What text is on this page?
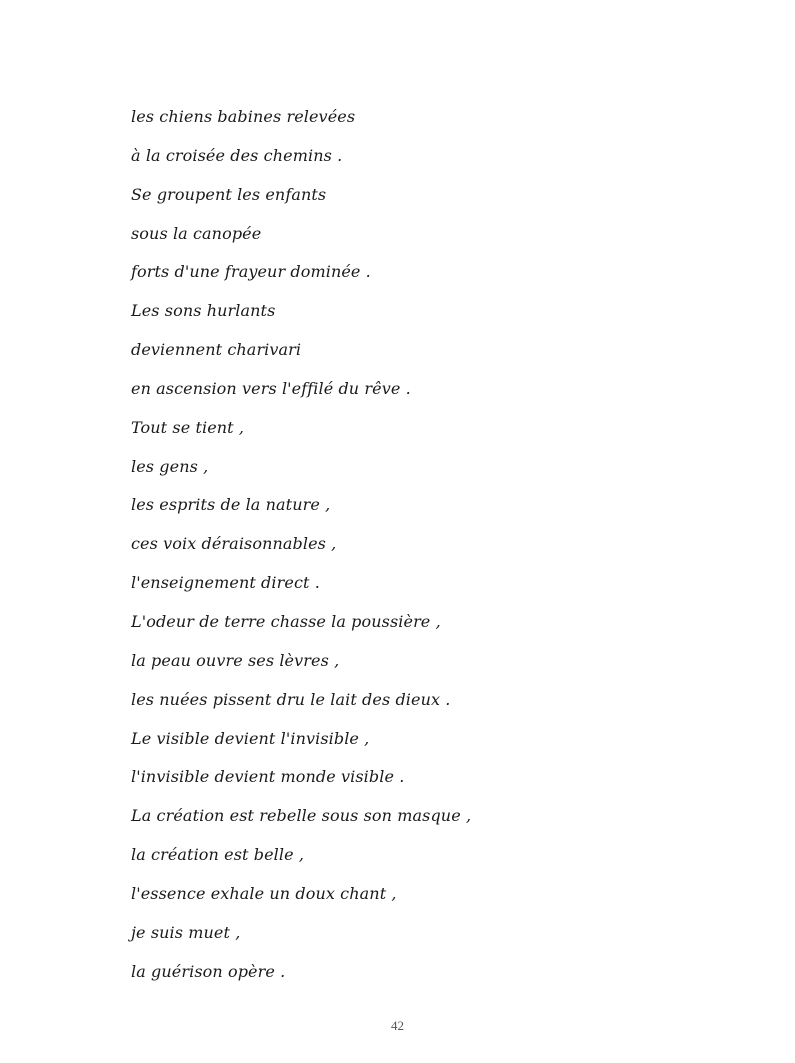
les chiens babines relevées
à la croisée des chemins .
Se groupent les enfants
sous la canopée
forts d'une frayeur dominée .
Les sons hurlants
deviennent charivari
en ascension vers l'effilé du rêve .
Tout se tient ,
les gens ,
les esprits de la nature ,
ces voix déraisonnables ,
l'enseignement direct .
L'odeur de terre chasse la poussière ,
la peau ouvre ses lèvres ,
les nuées pissent dru le lait des dieux .
Le visible devient l'invisible ,
l'invisible devient monde visible .
La création est rebelle sous son masque ,
la création est belle ,
l'essence exhale un doux chant ,
je suis muet ,
la guérison opère .
42
